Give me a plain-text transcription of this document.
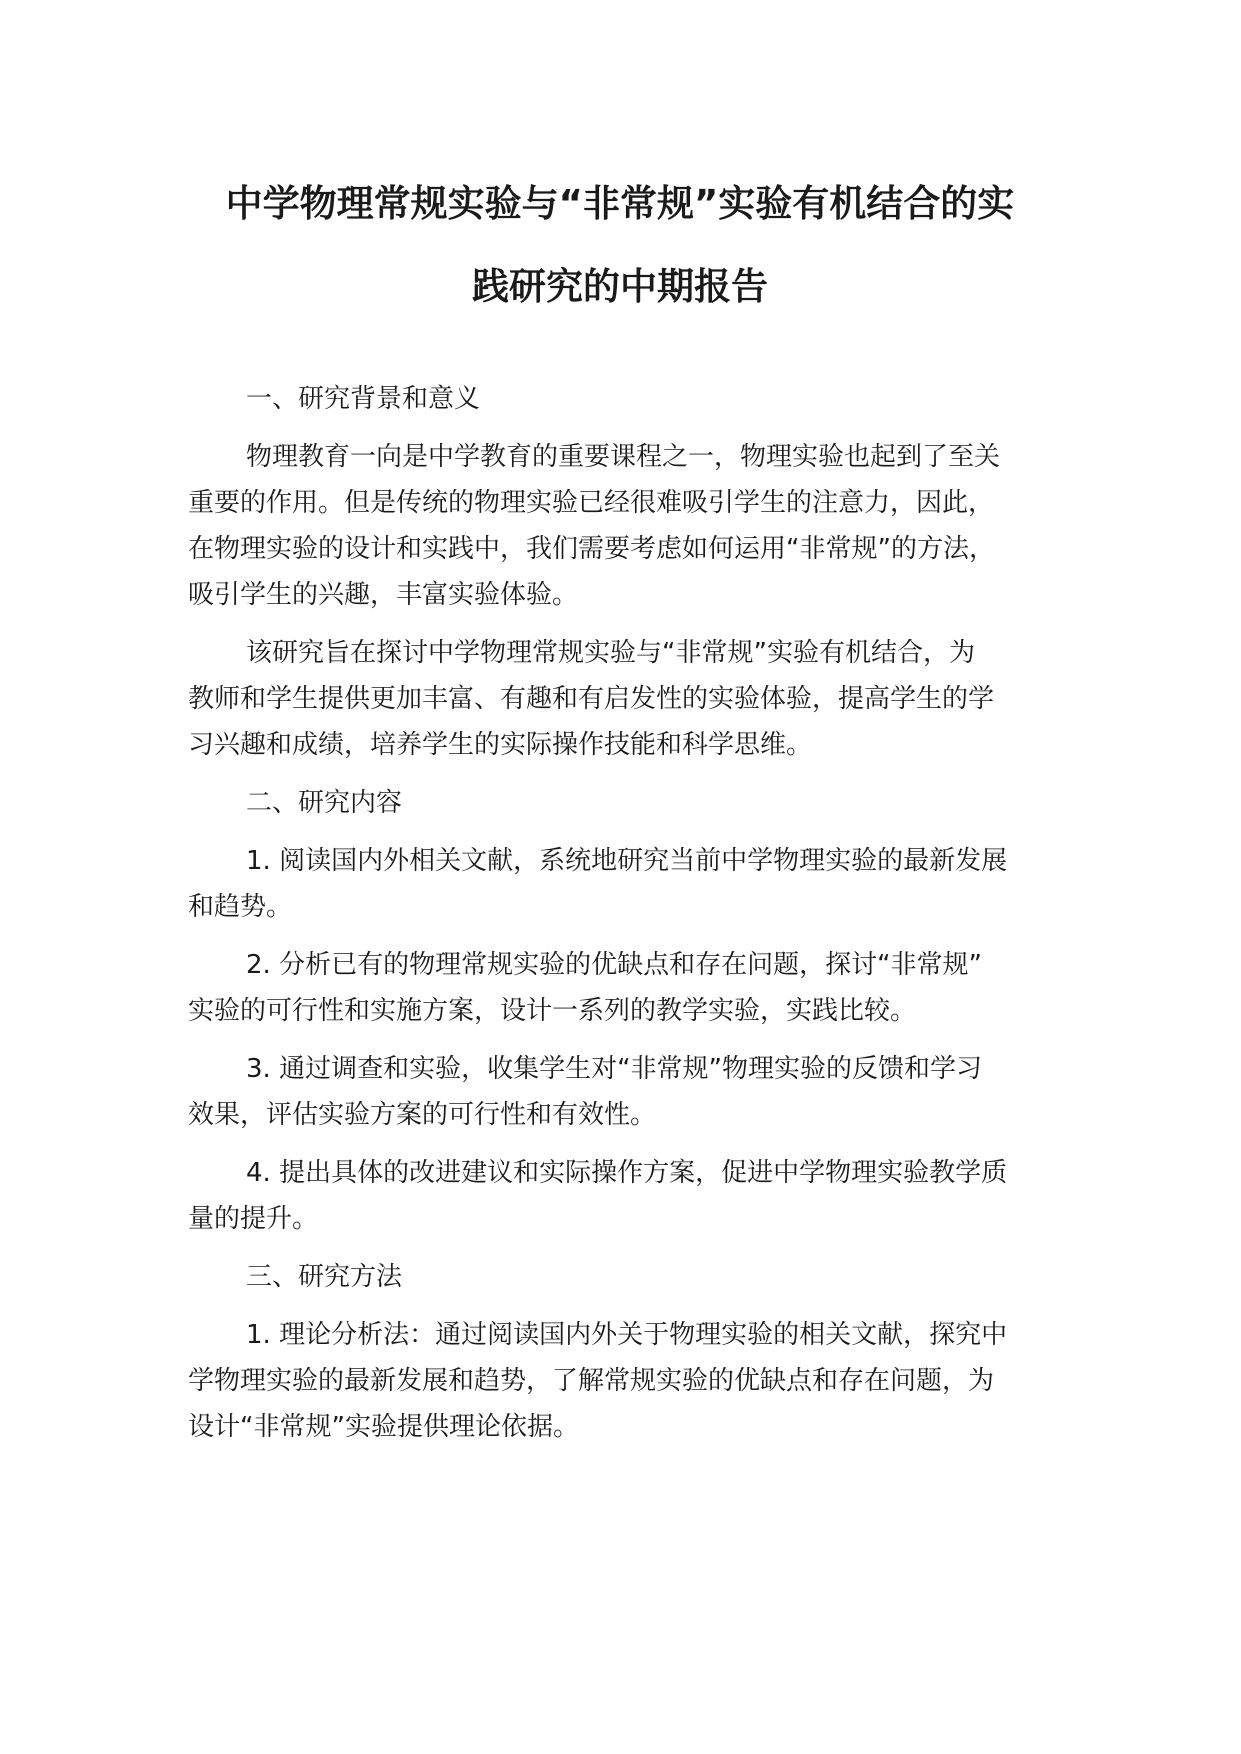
中学物理常规实验与“非常规”实验有机结合的实
践研究的中期报告
一、研究背景和意义
物理教育一向是中学教育的重要课程之一，物理实验也起到了至关
重要的作用。但是传统的物理实验已经很难吸引学生的注意力，因此，
在物理实验的设计和实践中，我们需要考虑如何运用“非常规”的方法，
吸引学生的兴趣，丰富实验体验。
该研究旨在探讨中学物理常规实验与“非常规”实验有机结合，为
教师和学生提供更加丰富、有趣和有启发性的实验体验，提高学生的学
习兴趣和成绩，培养学生的实际操作技能和科学思维。
二、研究内容
1. 阅读国内外相关文献，系统地研究当前中学物理实验的最新发展
和趋势。
2. 分析已有的物理常规实验的优缺点和存在问题，探讨“非常规”
实验的可行性和实施方案，设计一系列的教学实验，实践比较。
3. 通过调查和实验，收集学生对“非常规”物理实验的反馈和学习
效果，评估实验方案的可行性和有效性。
4. 提出具体的改进建议和实际操作方案，促进中学物理实验教学质
量的提升。
三、研究方法
1. 理论分析法：通过阅读国内外关于物理实验的相关文献，探究中
学物理实验的最新发展和趋势，了解常规实验的优缺点和存在问题，为
设计“非常规”实验提供理论依据。
